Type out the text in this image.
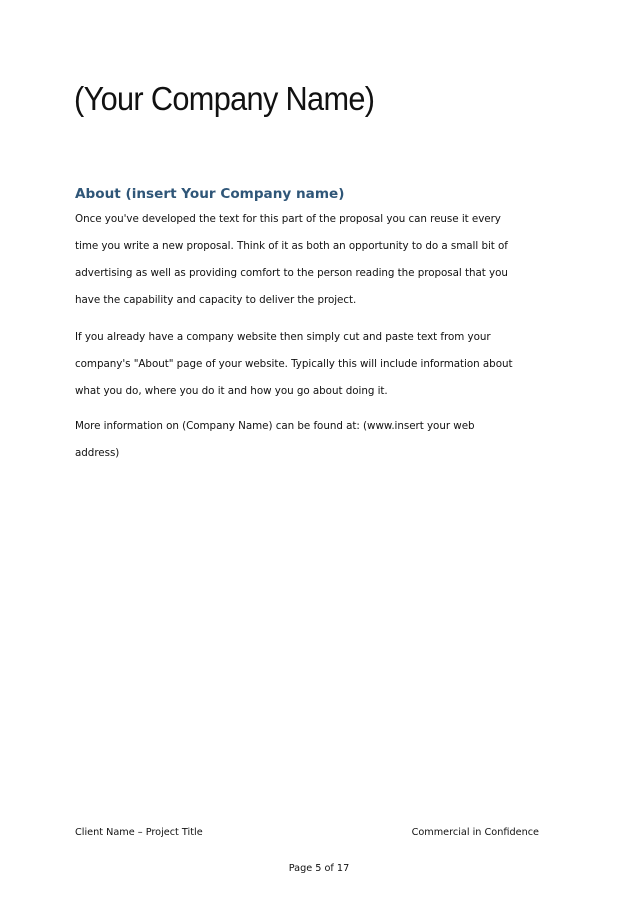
(Your Company Name)
About (insert Your Company name)
Once you've developed the text for this part of the proposal you can reuse it every
time you write a new proposal. Think of it as both an opportunity to do a small bit of
advertising as well as providing comfort to the person reading the proposal that you
have the capability and capacity to deliver the project.
If you already have a company website then simply cut and paste text from your
company's "About" page of your website. Typically this will include information about
what you do, where you do it and how you go about doing it.
More information on (Company Name) can be found at: (www.insert your web
address)
Client Name – Project Title	Commercial in Confidence
Page 5 of 17
